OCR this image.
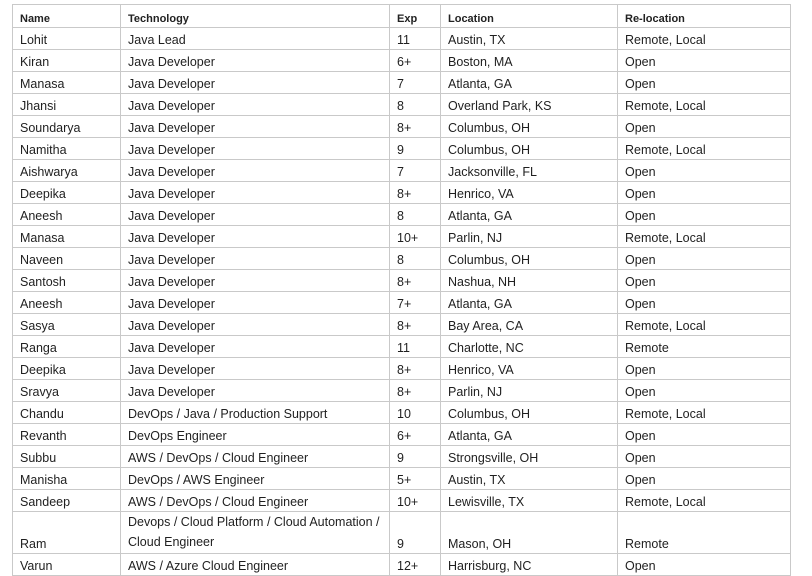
Name	Technology	Exp	Location	Re-location
Lohit	Java Lead	11	Austin, TX	Remote, Local
Kiran	Java Developer	6+	Boston, MA	Open
Manasa	Java Developer	7	Atlanta, GA	Open
Jhansi	Java Developer	8	Overland Park, KS	Remote, Local
Soundarya	Java Developer	8+	Columbus, OH	Open
Namitha	Java Developer	9	Columbus, OH	Remote, Local
Aishwarya	Java Developer	7	Jacksonville, FL	Open
Deepika	Java Developer	8+	Henrico, VA	Open
Aneesh	Java Developer	8	Atlanta, GA	Open
Manasa	Java Developer	10+	Parlin, NJ	Remote, Local
Naveen	Java Developer	8	Columbus, OH	Open
Santosh	Java Developer	8+	Nashua, NH	Open
Aneesh	Java Developer	7+	Atlanta, GA	Open
Sasya	Java Developer	8+	Bay Area, CA	Remote, Local
Ranga	Java Developer	11	Charlotte, NC	Remote
Deepika	Java Developer	8+	Henrico, VA	Open
Sravya	Java Developer	8+	Parlin, NJ	Open
Chandu	DevOps / Java / Production Support	10	Columbus, OH	Remote, Local
Revanth	DevOps Engineer	6+	Atlanta, GA	Open
Subbu	AWS / DevOps / Cloud Engineer	9	Strongsville, OH	Open
Manisha	DevOps / AWS Engineer	5+	Austin, TX	Open
Sandeep	AWS / DevOps / Cloud Engineer	10+	Lewisville, TX	Remote, Local
Ram	Devops / Cloud Platform / Cloud Automation / Cloud Engineer	9	Mason, OH	Remote
Varun	AWS / Azure Cloud Engineer	12+	Harrisburg, NC	Open
